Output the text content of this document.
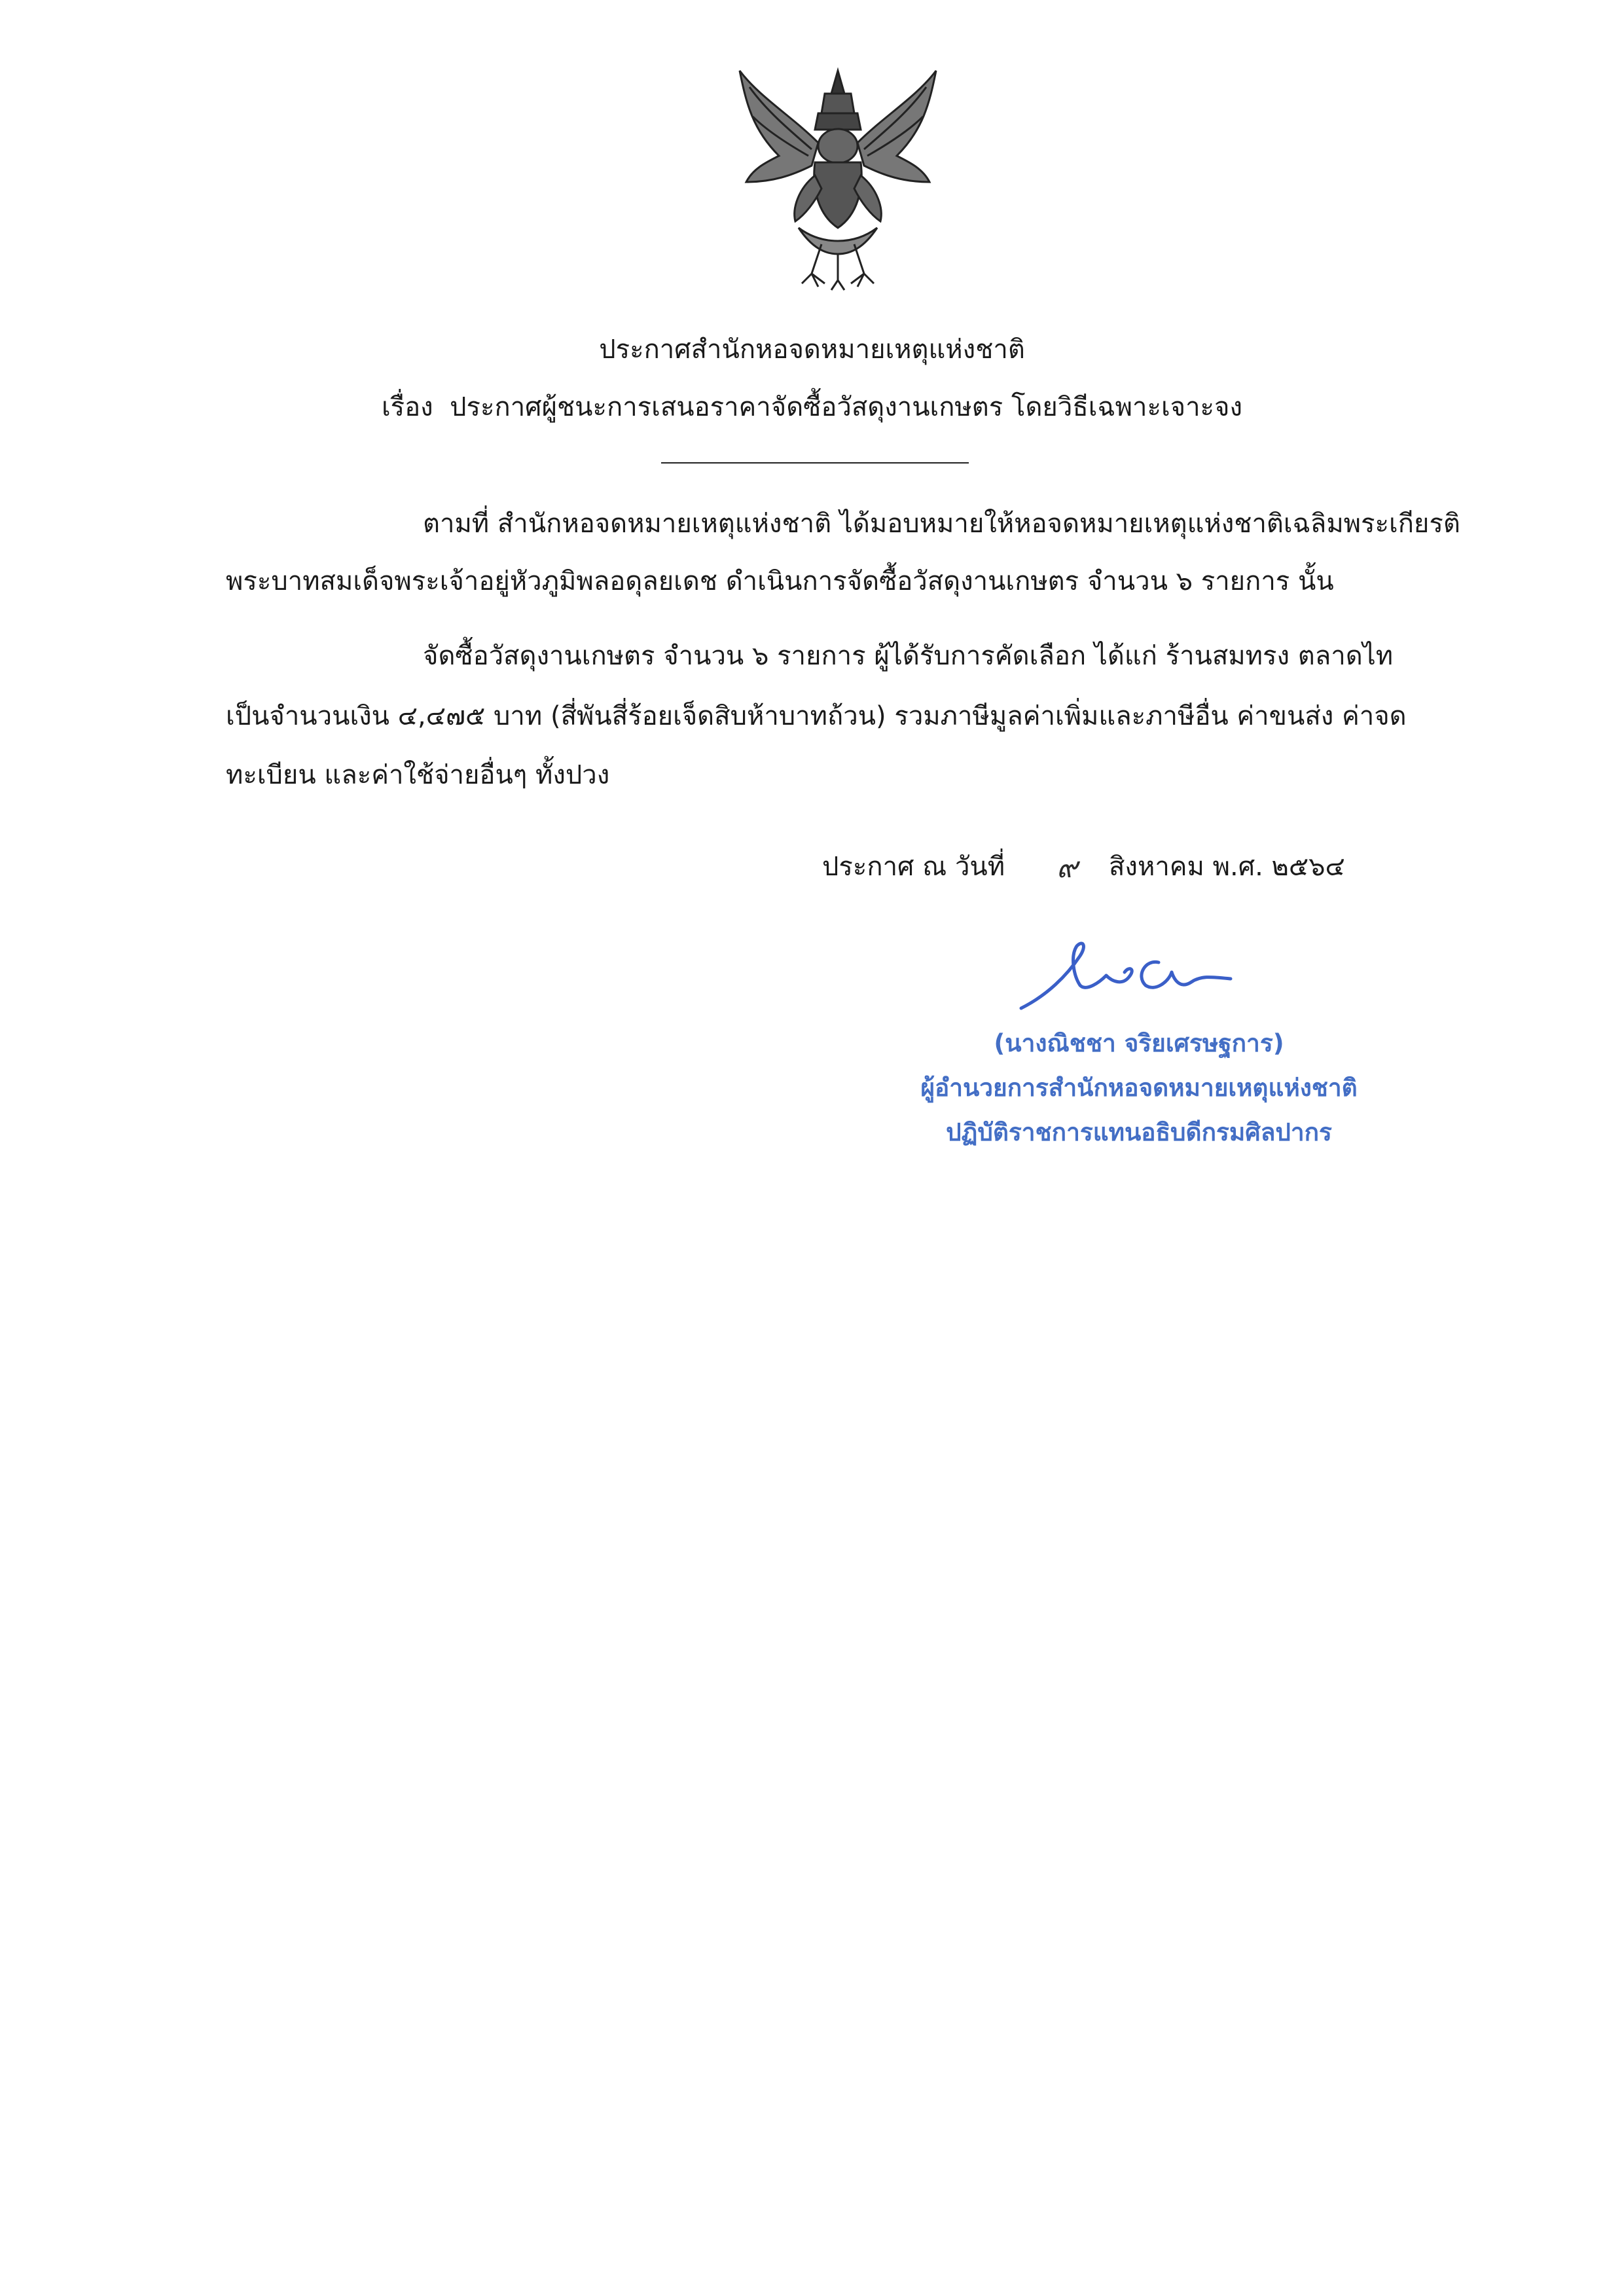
ประกาศสำนักหอจดหมายเหตุแห่งชาติ
เรื่อง ประกาศผู้ชนะการเสนอราคาจัดซื้อวัสดุงานเกษตร โดยวิธีเฉพาะเจาะจง
ตามที่ สำนักหอจดหมายเหตุแห่งชาติ ได้มอบหมายให้หอจดหมายเหตุแห่งชาติเฉลิมพระเกียรติ
พระบาทสมเด็จพระเจ้าอยู่หัวภูมิพลอดุลยเดช ดำเนินการจัดซื้อวัสดุงานเกษตร จำนวน ๖ รายการ นั้น
จัดซื้อวัสดุงานเกษตร จำนวน ๖ รายการ ผู้ได้รับการคัดเลือก ได้แก่ ร้านสมทรง ตลาดไท
เป็นจำนวนเงิน ๔,๔๗๕ บาท (สี่พันสี่ร้อยเจ็ดสิบห้าบาทถ้วน) รวมภาษีมูลค่าเพิ่มและภาษีอื่น ค่าขนส่ง ค่าจด
ทะเบียน และค่าใช้จ่ายอื่นๆ ทั้งปวง
ประกาศ ณ วันที่ ๙ สิงหาคม พ.ศ. ๒๕๖๔
(นางณิชชา จริยเศรษฐการ)
ผู้อำนวยการสำนักหอจดหมายเหตุแห่งชาติ
ปฏิบัติราชการแทนอธิบดีกรมศิลปากร
